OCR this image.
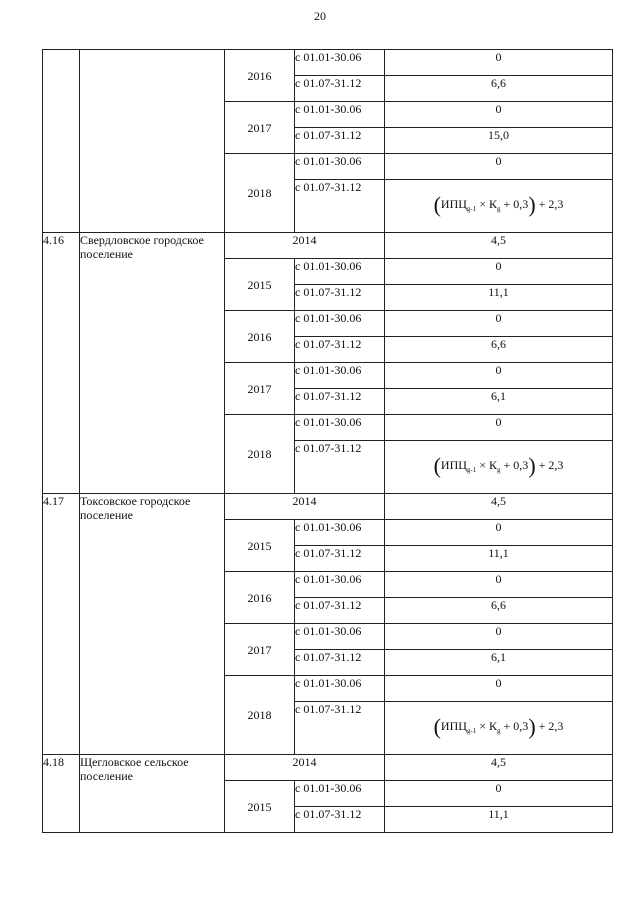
20
		2016	с 01.01-30.06	0
			с 01.07-31.12	6,6
		2017	с 01.01-30.06	0
			с 01.07-31.12	15,0
		2018	с 01.01-30.06	0
			с 01.07-31.12	$(ИПЦ_{g-1} \times К_g + 0,3) + 2,3$
4.16	Свердловское городское поселение	2014		4,5
		2015	с 01.01-30.06	0
			с 01.07-31.12	11,1
		2016	с 01.01-30.06	0
			с 01.07-31.12	6,6
		2017	с 01.01-30.06	0
			с 01.07-31.12	6,1
		2018	с 01.01-30.06	0
			с 01.07-31.12	$(ИПЦ_{g-1} \times К_g + 0,3) + 2,3$
4.17	Токсовское городское поселение	2014		4,5
		2015	с 01.01-30.06	0
			с 01.07-31.12	11,1
		2016	с 01.01-30.06	0
			с 01.07-31.12	6,6
		2017	с 01.01-30.06	0
			с 01.07-31.12	6,1
		2018	с 01.01-30.06	0
			с 01.07-31.12	$(ИПЦ_{g-1} \times К_g + 0,3) + 2,3$
4.18	Щегловское сельское поселение	2014		4,5
		2015	с 01.01-30.06	0
			с 01.07-31.12	11,1
